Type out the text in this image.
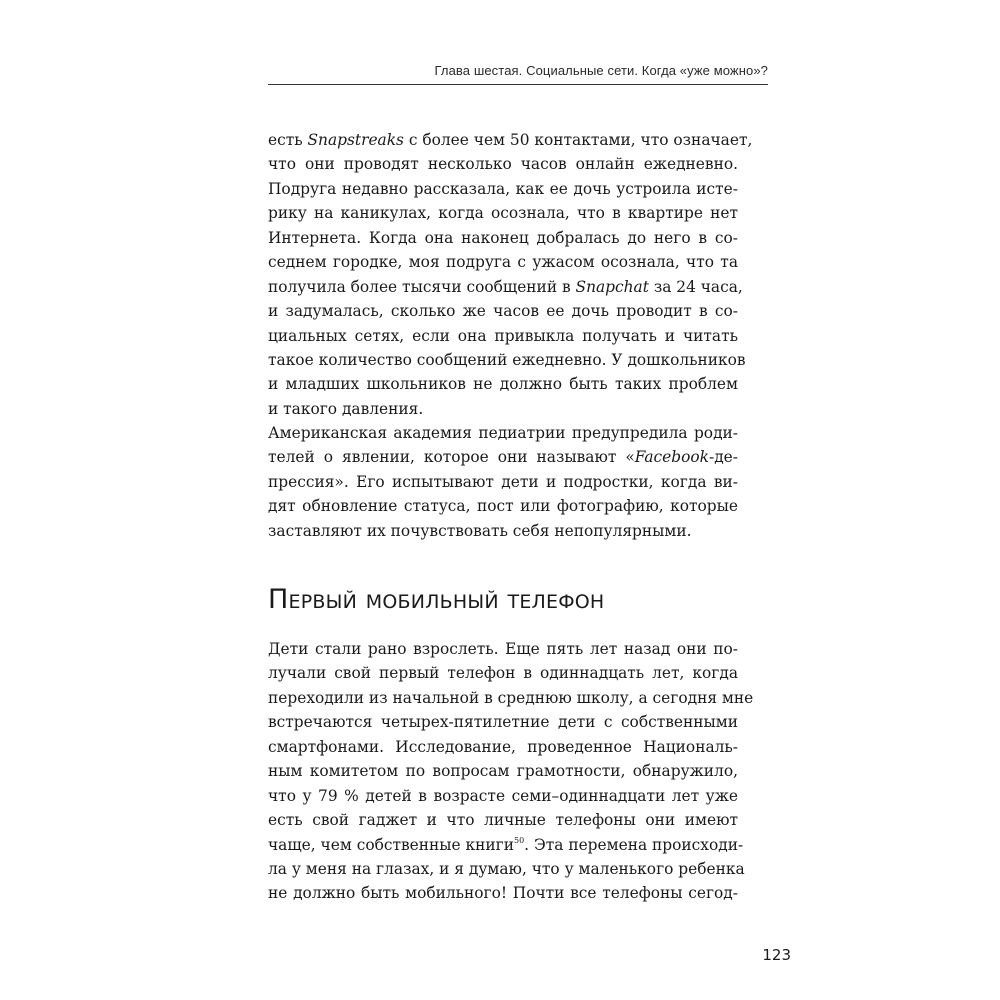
Глава шестая. Социальные сети. Когда «уже можно»?
есть Snapstreaks с более чем 50 контактами, что означает,
что они проводят несколько часов онлайн ежедневно.
Подруга недавно рассказала, как ее дочь устроила исте-
рику на каникулах, когда осознала, что в квартире нет
Интернета. Когда она наконец добралась до него в со-
седнем городке, моя подруга с ужасом осознала, что та
получила более тысячи сообщений в Snapchat за 24 часа,
и задумалась, сколько же часов ее дочь проводит в со-
циальных сетях, если она привыкла получать и читать
такое количество сообщений ежедневно. У дошкольников
и младших школьников не должно быть таких проблем
и такого давления.
Американская академия педиатрии предупредила роди-
телей о явлении, которое они называют «Facebook-де-
прессия». Его испытывают дети и подростки, когда ви-
дят обновление статуса, пост или фотографию, которые
заставляют их почувствовать себя непопулярными.
Первый мобильный телефон
Дети стали рано взрослеть. Еще пять лет назад они по-
лучали свой первый телефон в одиннадцать лет, когда
переходили из начальной в среднюю школу, а сегодня мне
встречаются четырех-пятилетние дети с собственными
смартфонами. Исследование, проведенное Националь-
ным комитетом по вопросам грамотности, обнаружило,
что у 79 % детей в возрасте семи–одиннадцати лет уже
есть свой гаджет и что личные телефоны они имеют
чаще, чем собственные книги$^{50}$. Эта перемена происходи-
ла у меня на глазах, и я думаю, что у маленького ребенка
не должно быть мобильного! Почти все телефоны сегод-
123
